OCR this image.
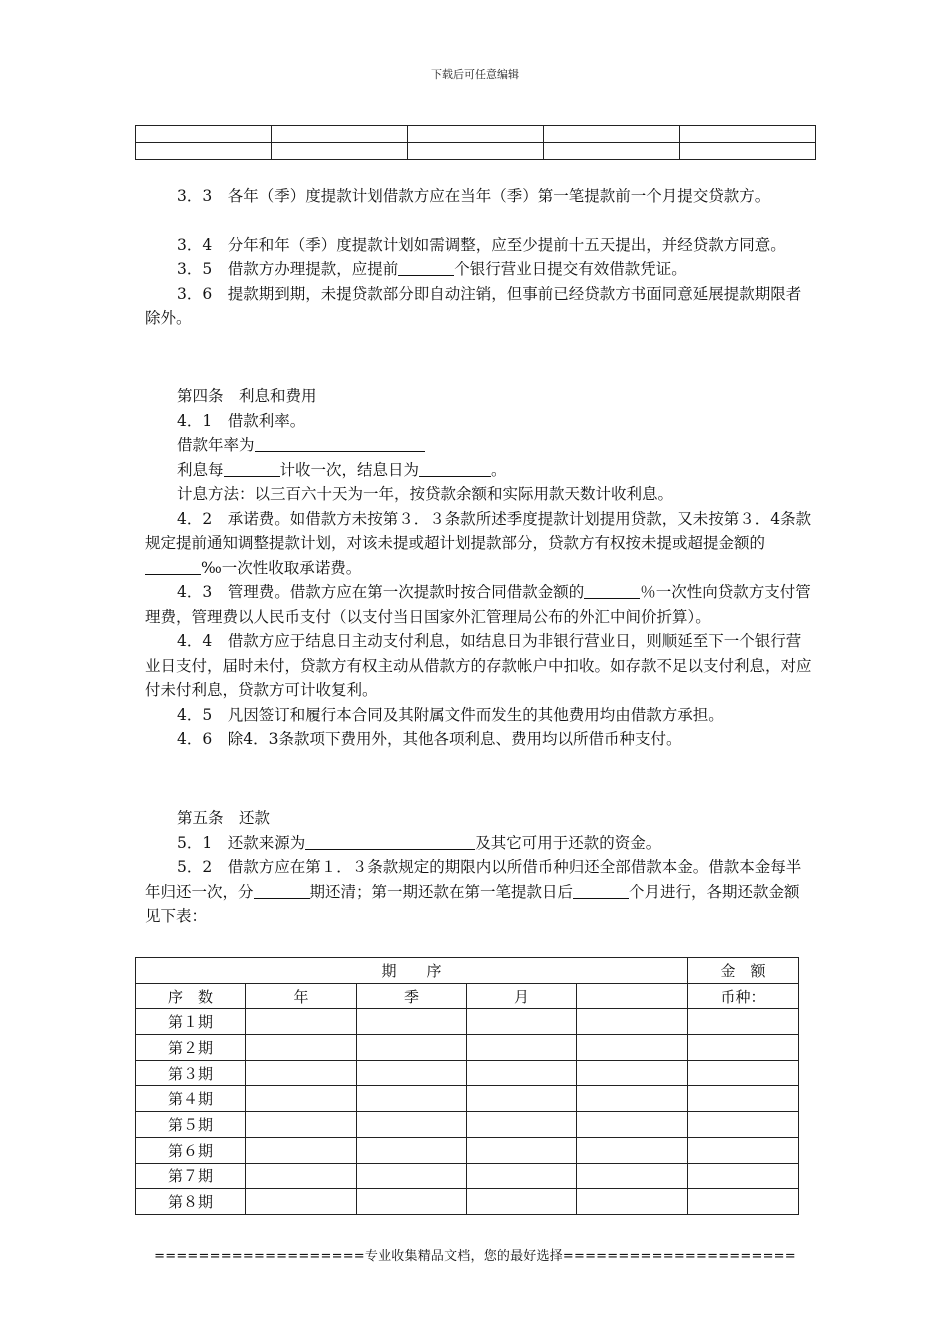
下载后可任意编辑

3．3　各年（季）度提款计划借款方应在当年（季）第一笔提款前一个月提交贷款方。

3．4　分年和年（季）度提款计划如需调整，应至少提前十五天提出，并经贷款方同意。

3．5　借款方办理提款，应提前	个银行营业日提交有效借款凭证。

3．6　提款期到期，未提贷款部分即自动注销，但事前已经贷款方书面同意延展提款期限者除外。

第四条　利息和费用

4．1　借款利率。

借款年率为

利息每	计收一次，结息日为	。

计息方法：以三百六十天为一年，按贷款余额和实际用款天数计收利息。

4．2　承诺费。如借款方未按第３．３条款所述季度提款计划提用贷款，又未按第３．4条款规定提前通知调整提款计划，对该未提或超计划提款部分，贷款方有权按未提或超提金额的‰一次性收取承诺费。

4．3　管理费。借款方应在第一次提款时按合同借款金额的	％一次性向贷款方支付管理费，管理费以人民币支付（以支付当日国家外汇管理局公布的外汇中间价折算）。

4．4　借款方应于结息日主动支付利息，如结息日为非银行营业日，则顺延至下一个银行营业日支付，届时未付，贷款方有权主动从借款方的存款帐户中扣收。如存款不足以支付利息，对应付未付利息，贷款方可计收复利。

4．5　凡因签订和履行本合同及其附属文件而发生的其他费用均由借款方承担。

4．6　除4．3条款项下费用外，其他各项利息、费用均以所借币种支付。

第五条　还款

5．1　还款来源为	及其它可用于还款的资金。

5．2　借款方应在第１．３条款规定的期限内以所借币种归还全部借款本金。借款本金每半年归还一次，分	期还清；第一期还款在第一笔提款日后	个月进行，各期还款金额见下表：

期　　序					金　额
序　数	年	季	月		币种：
第１期					
第２期					
第３期					
第４期					
第５期					
第６期					
第７期					
第８期					
===================专业收集精品文档，您的最好选择=====================
